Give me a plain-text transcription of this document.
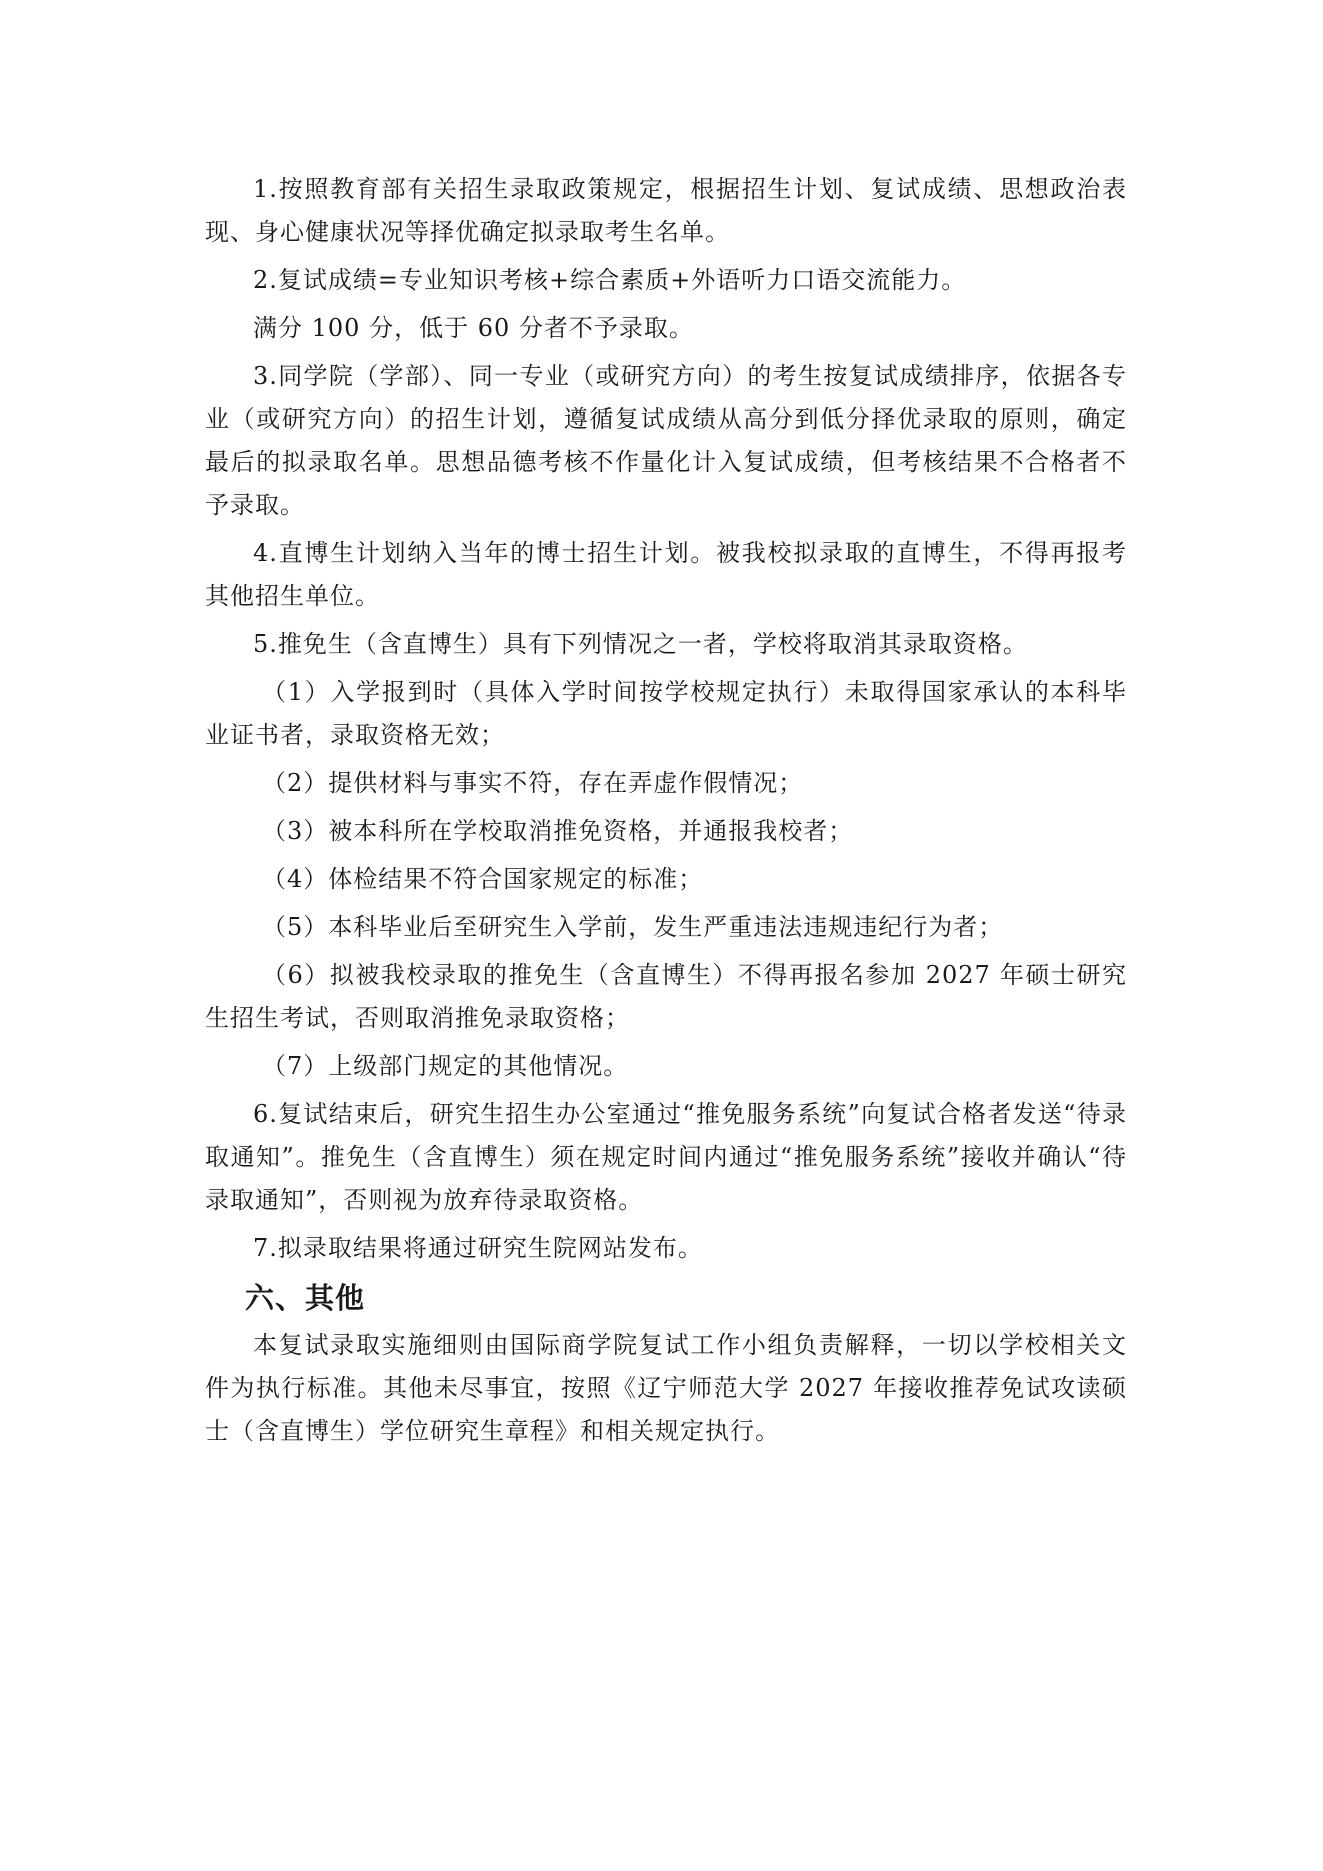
1.按照教育部有关招生录取政策规定，根据招生计划、复试成绩、思想政治表现、身心健康状况等择优确定拟录取考生名单。

2.复试成绩=专业知识考核+综合素质+外语听力口语交流能力。

满分 100 分，低于 60 分者不予录取。

3.同学院（学部）、同一专业（或研究方向）的考生按复试成绩排序，依据各专业（或研究方向）的招生计划，遵循复试成绩从高分到低分择优录取的原则，确定最后的拟录取名单。思想品德考核不作量化计入复试成绩，但考核结果不合格者不予录取。

4.直博生计划纳入当年的博士招生计划。被我校拟录取的直博生，不得再报考其他招生单位。

5.推免生（含直博生）具有下列情况之一者，学校将取消其录取资格。

（1）入学报到时（具体入学时间按学校规定执行）未取得国家承认的本科毕业证书者，录取资格无效；

（2）提供材料与事实不符，存在弄虚作假情况；

（3）被本科所在学校取消推免资格，并通报我校者；

（4）体检结果不符合国家规定的标准；

（5）本科毕业后至研究生入学前，发生严重违法违规违纪行为者；

（6）拟被我校录取的推免生（含直博生）不得再报名参加 2027 年硕士研究生招生考试，否则取消推免录取资格；

（7）上级部门规定的其他情况。

6.复试结束后，研究生招生办公室通过“推免服务系统”向复试合格者发送“待录取通知”。推免生（含直博生）须在规定时间内通过“推免服务系统”接收并确认“待录取通知”，否则视为放弃待录取资格。

7.拟录取结果将通过研究生院网站发布。

六、其他

本复试录取实施细则由国际商学院复试工作小组负责解释，一切以学校相关文件为执行标准。其他未尽事宜，按照《辽宁师范大学 2027 年接收推荐免试攻读硕士（含直博生）学位研究生章程》和相关规定执行。
